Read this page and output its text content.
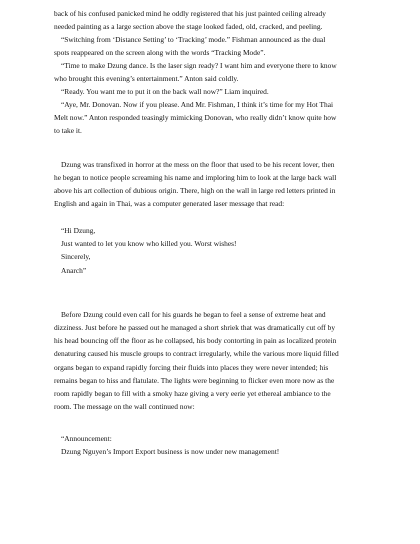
back of his confused panicked mind he oddly registered that his just painted ceiling already
needed painting as a large section above the stage looked faded, old, cracked, and peeling.
“Switching from ‘Distance Setting’ to ‘Tracking’ mode.” Fishman announced as the dual
spots reappeared on the screen along with the words “Tracking Mode”.
“Time to make Dzung dance. Is the laser sign ready? I want him and everyone there to know
who brought this evening’s entertainment.” Anton said coldly.
“Ready. You want me to put it on the back wall now?” Liam inquired.
“Aye, Mr. Donovan. Now if you please. And Mr. Fishman, I think it’s time for my Hot Thai
Melt now.” Anton responded teasingly mimicking Donovan, who really didn’t know quite how
to take it.
Dzung was transfixed in horror at the mess on the floor that used to be his recent lover, then
he began to notice people screaming his name and imploring him to look at the large back wall
above his art collection of dubious origin. There, high on the wall in large red letters printed in
English and again in Thai, was a computer generated laser message that read:
“Hi Dzung,
Just wanted to let you know who killed you. Worst wishes!
Sincerely,
Anarch”
Before Dzung could even call for his guards he began to feel a sense of extreme heat and
dizziness. Just before he passed out he managed a short shriek that was dramatically cut off by
his head bouncing off the floor as he collapsed, his body contorting in pain as localized protein
denaturing caused his muscle groups to contract irregularly, while the various more liquid filled
organs began to expand rapidly forcing their fluids into places they were never intended; his
remains began to hiss and flatulate. The lights were beginning to flicker even more now as the
room rapidly began to fill with a smoky haze giving a very eerie yet ethereal ambiance to the
room. The message on the wall continued now:
“Announcement:
Dzung Nguyen’s Import Export business is now under new management!
